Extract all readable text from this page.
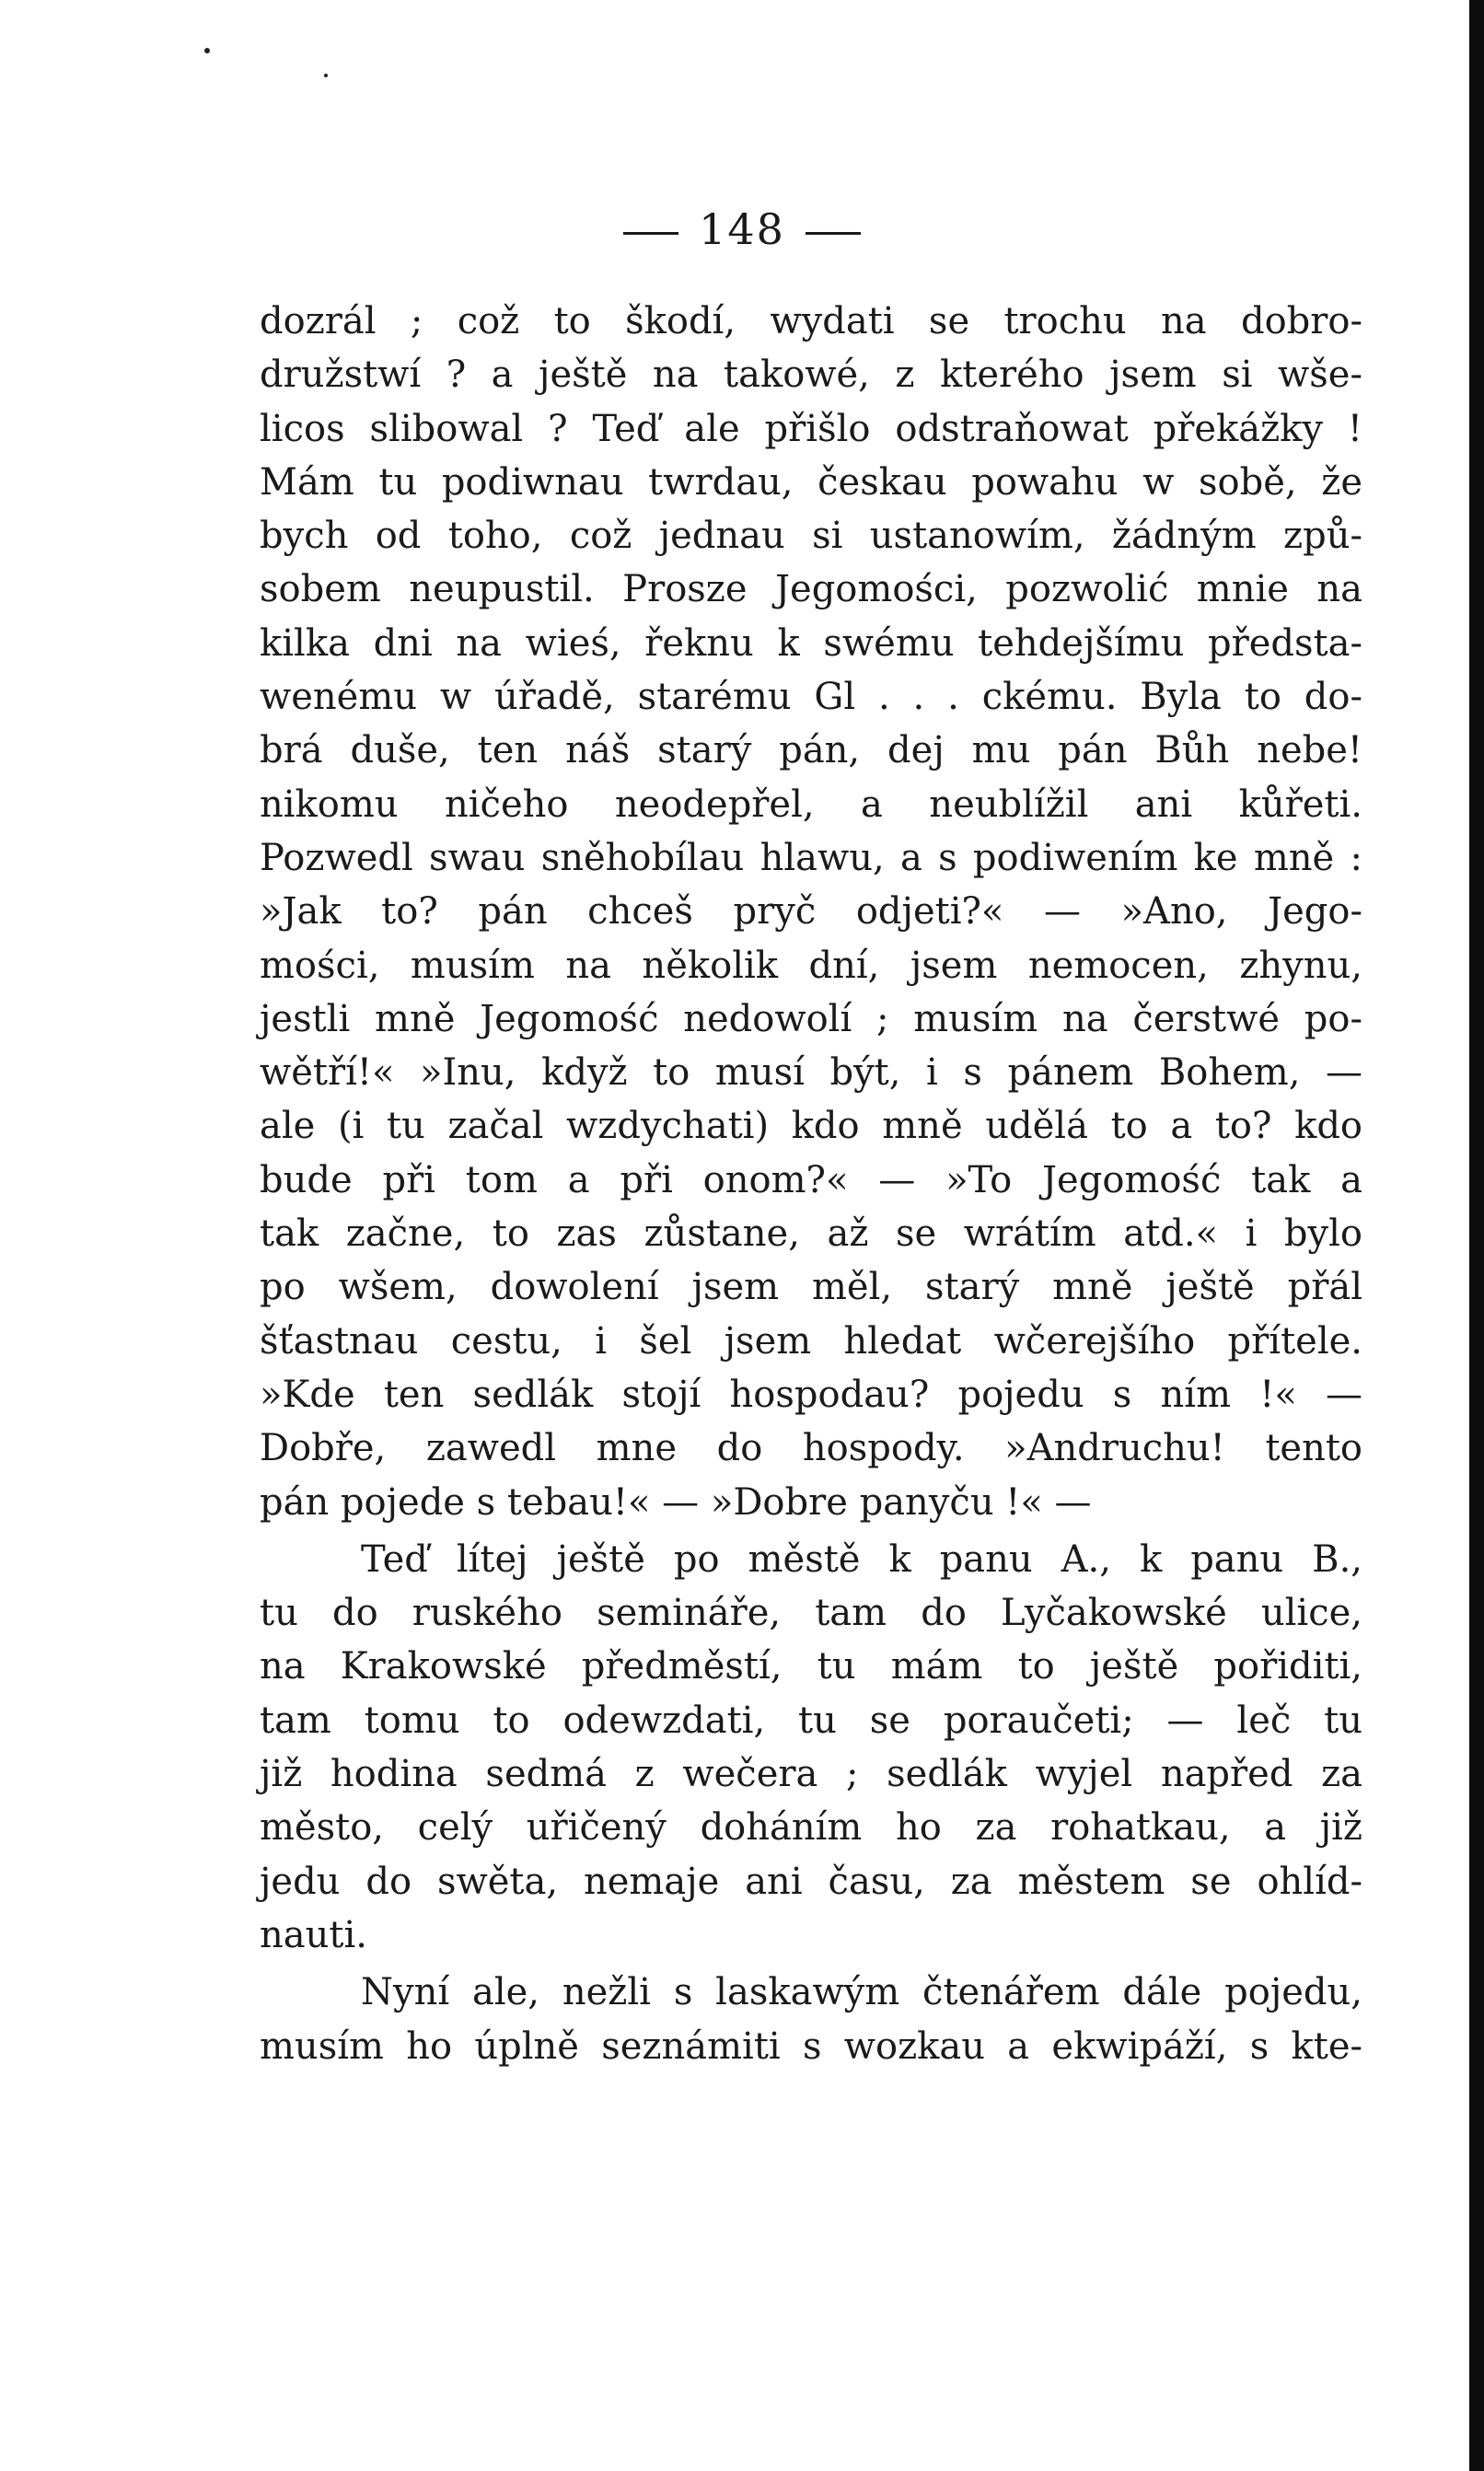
148
dozrál ; což to škodí, wydati se trochu na dobro-
družstwí ? a ještě na takowé, z kterého jsem si wše-
licos slibowal ? Teď ale přišlo odstraňowat překážky !
Mám tu podiwnau twrdau, českau powahu w sobě, že
bych od toho, což jednau si ustanowím, žádným způ-
sobem neupustil. Prosze Jegomości, pozwolić mnie na
kilka dni na wieś, řeknu k swému tehdejšímu předsta-
wenému w úřadě, starému Gl . . . ckému. Byla to do-
brá duše, ten náš starý pán, dej mu pán Bůh nebe!
nikomu ničeho neodepřel, a neublížil ani kůřeti.
Pozwedl swau sněhobílau hlawu, a s podiwením ke mně :
»Jak to? pán chceš pryč odjeti?« — »Ano, Jego-
mości, musím na několik dní, jsem nemocen, zhynu,
jestli mně Jegomość nedowolí ; musím na čerstwé po-
wětří!« »Inu, když to musí být, i s pánem Bohem, —
ale (i tu začal wzdychati) kdo mně udělá to a to? kdo
bude při tom a při onom?« — »To Jegomość tak a
tak začne, to zas zůstane, až se wrátím atd.« i bylo
po wšem, dowolení jsem měl, starý mně ještě přál
šťastnau cestu, i šel jsem hledat wčerejšího přítele.
»Kde ten sedlák stojí hospodau? pojedu s ním !« —
Dobře, zawedl mne do hospody. »Andruchu! tento
pán pojede s tebau!« — »Dobre panyču !« —
Teď lítej ještě po městě k panu A., k panu B.,
tu do ruského semináře, tam do Lyčakowské ulice,
na Krakowské předměstí, tu mám to ještě pořiditi,
tam tomu to odewzdati, tu se poraučeti; — leč tu
již hodina sedmá z wečera ; sedlák wyjel napřed za
město, celý uřičený doháním ho za rohatkau, a již
jedu do swěta, nemaje ani času, za městem se ohlíd-
nauti.
Nyní ale, nežli s laskawým čtenářem dále pojedu,
musím ho úplně seznámiti s wozkau a ekwipáží, s kte-
